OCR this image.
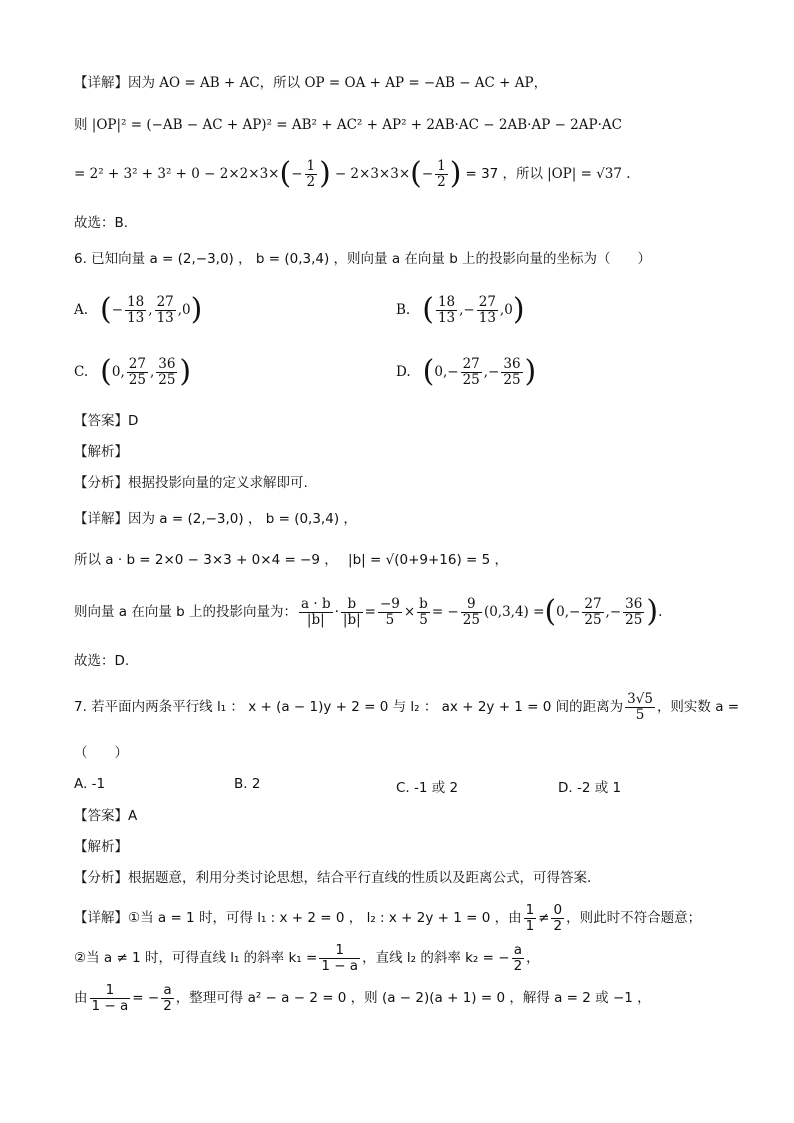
【详解】因为 AO = AB + AC，所以 OP = OA + AP = −AB − AC + AP，
则 |OP|² = (−AB − AC + AP)² = AB² + AC² + AP² + 2AB·AC − 2AB·AP − 2AP·AC
= 2² + 3² + 3² + 0 − 2×2×3× ( − $\frac{1}{2}$ ) − 2×3×3× ( − $\frac{1}{2}$ ) = 37 ，所以 |OP| = √37 .
故选：B.
6. 已知向量 a = (2,−3,0) ， b = (0,3,4) ，则向量 a 在向量 b 上的投影向量的坐标为（　　）
A. ( − $\frac{18}{13}$ , $\frac{27}{13} ,0$ )	B. ( $\frac{18}{13}$ , − $\frac{27}{13} ,0$ )
C. ( 0, $\frac{27}{25}$ , $\frac{36}{25}$ )	D. ( 0, − $\frac{27}{25}$ , − $\frac{36}{25}$ )
【答案】D
【解析】
【分析】根据投影向量的定义求解即可.
【详解】因为 a = (2,−3,0) ， b = (0,3,4) ，
所以 a · b = 2×0 − 3×3 + 0×4 = −9 ， |b| = √(0+9+16) = 5 ，
则向量 a 在向量 b 上的投影向量为： $\frac{a \cdot b}{|b|} \cdot \frac{b}{|b|} = \frac{-9}{5} \times \frac{b}{5}$ = − $\frac{9}{25} (0,3,4)$ = ( $0,- \frac{27}{25}$ ,− $\frac{36}{25}$ ) .
故选：D.
7. 若平面内两条平行线 l₁ ： x + (a − 1)y + 2 = 0 与 l₂ ： ax + 2y + 1 = 0 间的距离为 $\frac{3√5}{5}$ ，则实数 a =
（　　）
A. -1	B. 2	C. -1 或 2	D. -2 或 1
【答案】A
【解析】
【分析】根据题意，利用分类讨论思想，结合平行直线的性质以及距离公式，可得答案.
【详解】 ①当 a = 1 时，可得 l₁ : x + 2 = 0 ， l₂ : x + 2y + 1 = 0 ，由 $\frac{1}{1} \ne \frac{0}{2}$ ，则此时不符合题意；
②当 a ≠ 1 时，可得直线 l₁ 的斜率 $k_1 = \frac{1}{1 - a}$ ，直线 l₂ 的斜率 k₂ = − $\frac{a}{2}$ ，
由 $\frac{1}{1 - a}$ = − $\frac{a}{2}$ ，整理可得 a² − a − 2 = 0 ，则 (a − 2)(a + 1) = 0 ，解得 a = 2 或 −1 ，
